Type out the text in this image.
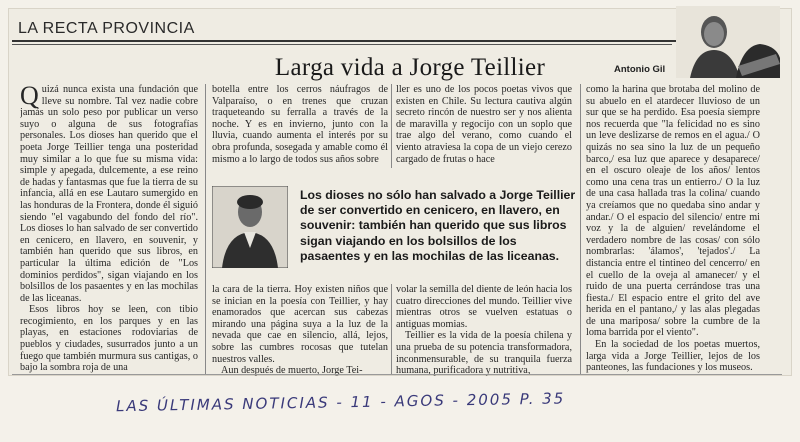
LA RECTA PROVINCIA
Antonio Gil
Larga vida a Jorge Teillier

Quizá nunca exista una fundación que lleve su nombre. Tal vez nadie cobre jamás un solo peso por publicar un verso suyo o alguna de sus fotografías personales. Los dioses han querido que el poeta Jorge Teillier tenga una posteridad muy similar a lo que fue su misma vida: simple y apegada, dulcemente, a ese reino de hadas y fantasmas que fue la tierra de su infancia, allá en ese Lautaro sumergido en las honduras de la Frontera, donde él siguió siendo "el vagabundo del fondo del río". Los dioses lo han salvado de ser convertido en cenicero, en llavero, en souvenir, y también han querido que sus libros, en particular la última edición de "Los dominios perdidos", sigan viajando en los bolsillos de los pasaentes y en las mochilas de las liceanas.

Esos libros hoy se leen, con tibio recogimiento, en los parques y en las playas, en estaciones rodoviarias de pueblos y ciudades, susurrados junto a un fuego que también murmura sus cantigas, o bajo la sombra roja de una

botella entre los cerros náufragos de Valparaíso, o en trenes que cruzan traqueteando su ferralla a través de la noche. Y es en invierno, junto con la lluvia, cuando aumenta el interés por su obra profunda, sosegada y amable como él mismo a lo largo de todos sus años sobre

ller es uno de los pocos poetas vivos que existen en Chile. Su lectura cautiva algún secreto rincón de nuestro ser y nos alienta de maravilla y regocijo con un soplo que trae algo del verano, como cuando el viento atraviesa la copa de un viejo cerezo cargado de frutas o hace

como la harina que brotaba del molino de su abuelo en el atardecer lluvioso de un sur que se ha perdido. Esa poesía siempre nos recuerda que "la felicidad no es sino un leve deslizarse de remos en el agua./ O quizás no sea sino la luz de un pequeño barco,/ esa luz que aparece y desaparece/ en el oscuro oleaje de los años/ lentos como una cena tras un entierro./ O la luz de una casa hallada tras la colina/ cuando ya creíamos que no quedaba sino andar y andar./ O el espacio del silencio/ entre mi voz y la de alguien/ revelándome el verdadero nombre de las cosas/ con sólo nombrarlas: 'álamos', 'tejados'./ La distancia entre el tintineo del cencerro/ en el cuello de la oveja al amanecer/ y el ruido de una puerta cerrándose tras una fiesta./ El espacio entre el grito del ave herida en el pantano,/ y las alas plegadas de una mariposa/ sobre la cumbre de la loma barrida por el viento".

En la sociedad de los poetas muertos, larga vida a Jorge Teillier, lejos de los panteones, las fundaciones y los museos.

Los dioses no sólo han salvado a Jorge Teillier de ser convertido en cenicero, en llavero, en souvenir: también han querido que sus libros sigan viajando en los bolsillos de los pasaentes y en las mochilas de las liceanas.

la cara de la tierra. Hoy existen niños que se inician en la poesía con Teillier, y hay enamorados que acercan sus cabezas mirando una página suya a la luz de la nevada que cae en silencio, allá, lejos, sobre las cumbres rocosas que tutelan nuestros valles.

Aun después de muerto, Jorge Tei-

volar la semilla del diente de león hacia los cuatro direcciones del mundo. Teillier vive mientras otros se vuelven estatuas o antiguas momias.

Teillier es la vida de la poesía chilena y una prueba de su potencia transformadora, inconmensurable, de su tranquila fuerza humana, purificadora y nutritiva,

LAS ÚLTIMAS NOTICIAS - 11 - AGOS - 2005 P. 35
